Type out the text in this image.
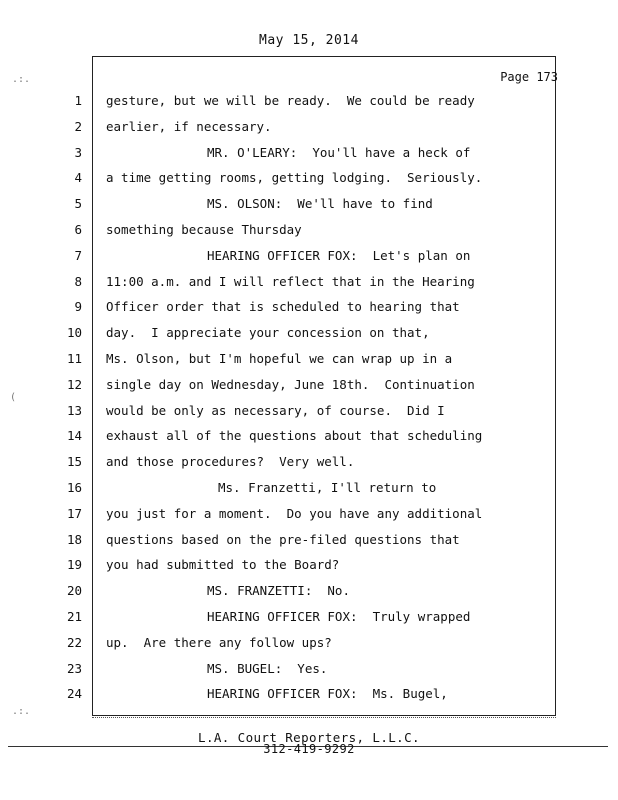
May 15, 2014
Page 173
1 gesture, but we will be ready.  We could be ready
2 earlier, if necessary.
3	MR. O'LEARY:  You'll have a heck of
4 a time getting rooms, getting lodging.  Seriously.
5	MS. OLSON:  We'll have to find
6 something because Thursday
7	HEARING OFFICER FOX:  Let's plan on
8 11:00 a.m. and I will reflect that in the Hearing
9 Officer order that is scheduled to hearing that
10 day.  I appreciate your concession on that,
11 Ms. Olson, but I'm hopeful we can wrap up in a
12 single day on Wednesday, June 18th.  Continuation
13 would be only as necessary, of course.  Did I
14 exhaust all of the questions about that scheduling
15 and those procedures?  Very well.
16	Ms. Franzetti, I'll return to
17 you just for a moment.  Do you have any additional
18 questions based on the pre-filed questions that
19 you had submitted to the Board?
20	MS. FRANZETTI:  No.
21	HEARING OFFICER FOX:  Truly wrapped
22 up.  Are there any follow ups?
23	MS. BUGEL:  Yes.
24	HEARING OFFICER FOX:  Ms. Bugel,
L.A. Court Reporters, L.L.C.
312-419-9292
.:.
(
.:.
